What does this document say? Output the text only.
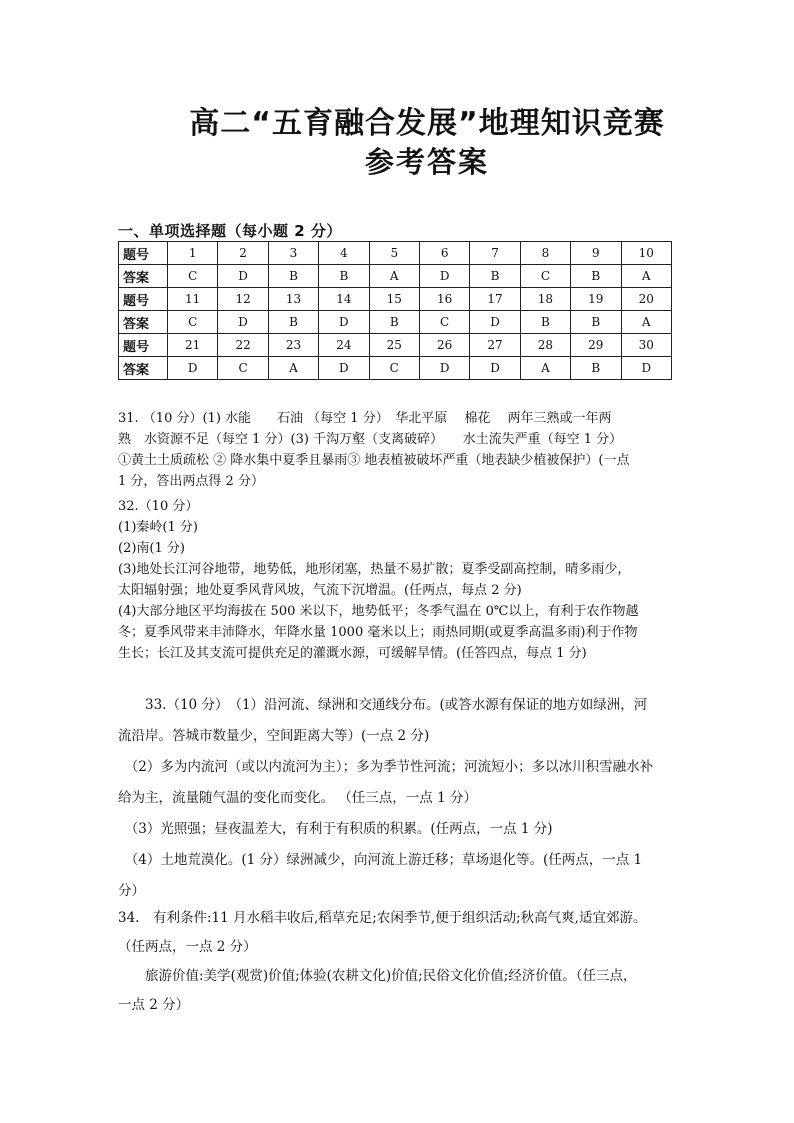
高二“五育融合发展”地理知识竞赛
参考答案
一、单项选择题（每小题 2 分）
题号	1	2	3	4	5	6	7	8	9	10
答案	C	D	B	B	A	D	B	C	B	A
题号	11	12	13	14	15	16	17	18	19	20
答案	C	D	B	D	B	C	D	B	B	A
题号	21	22	23	24	25	26	27	28	29	30
答案	D	C	A	D	C	D	D	A	B	D
31. （10 分）(1) 水能　　石油 （每空 1 分）　华北平原　 棉花　 两年三熟或一年两
熟　水资源不足（每空 1 分）(3) 千沟万壑（支离破碎）　　水土流失严重（每空 1 分）
①黄土土质疏松 ② 降水集中夏季且暴雨③ 地表植被破坏严重（地表缺少植被保护）(一点
1 分，答出两点得 2 分）
32.（10 分）
(1)秦岭(1 分)
(2)南(1 分)
(3)地处长江河谷地带，地势低，地形闭塞，热量不易扩散；夏季受副高控制，晴多雨少，
太阳辐射强；地处夏季风背风坡，气流下沉增温。(任两点，每点 2 分)
(4)大部分地区平均海拔在 500 米以下，地势低平；冬季气温在 0℃以上，有利于农作物越
冬；夏季风带来丰沛降水，年降水量 1000 毫米以上；雨热同期(或夏季高温多雨)利于作物
生长；长江及其支流可提供充足的灌溉水源，可缓解旱情。(任答四点，每点 1 分)
　　33.（10 分）　（1）沿河流、绿洲和交通线分布。(或答水源有保证的地方如绿洲，河
流沿岸。答城市数量少，空间距离大等）(一点 2 分)
　（2）多为内流河（或以内流河为主）；多为季节性河流；河流短小；多以冰川积雪融水补
给为主，流量随气温的变化而变化。 （任三点，一点 1 分）
　（3）光照强；昼夜温差大，有利于有积质的积累。(任两点，一点 1 分)
　（4）土地荒漠化。(1 分）绿洲减少，向河流上游迁移；草场退化等。(任两点，一点 1
分）
34.　有利条件:11 月水稻丰收后,稻草充足;农闲季节,便于组织活动;秋高气爽,适宜郊游。
（任两点，一点 2 分）
　　旅游价值:美学(观赏)价值;体验(农耕文化)价值;民俗文化价值;经济价值。（任三点，
一点 2 分）
